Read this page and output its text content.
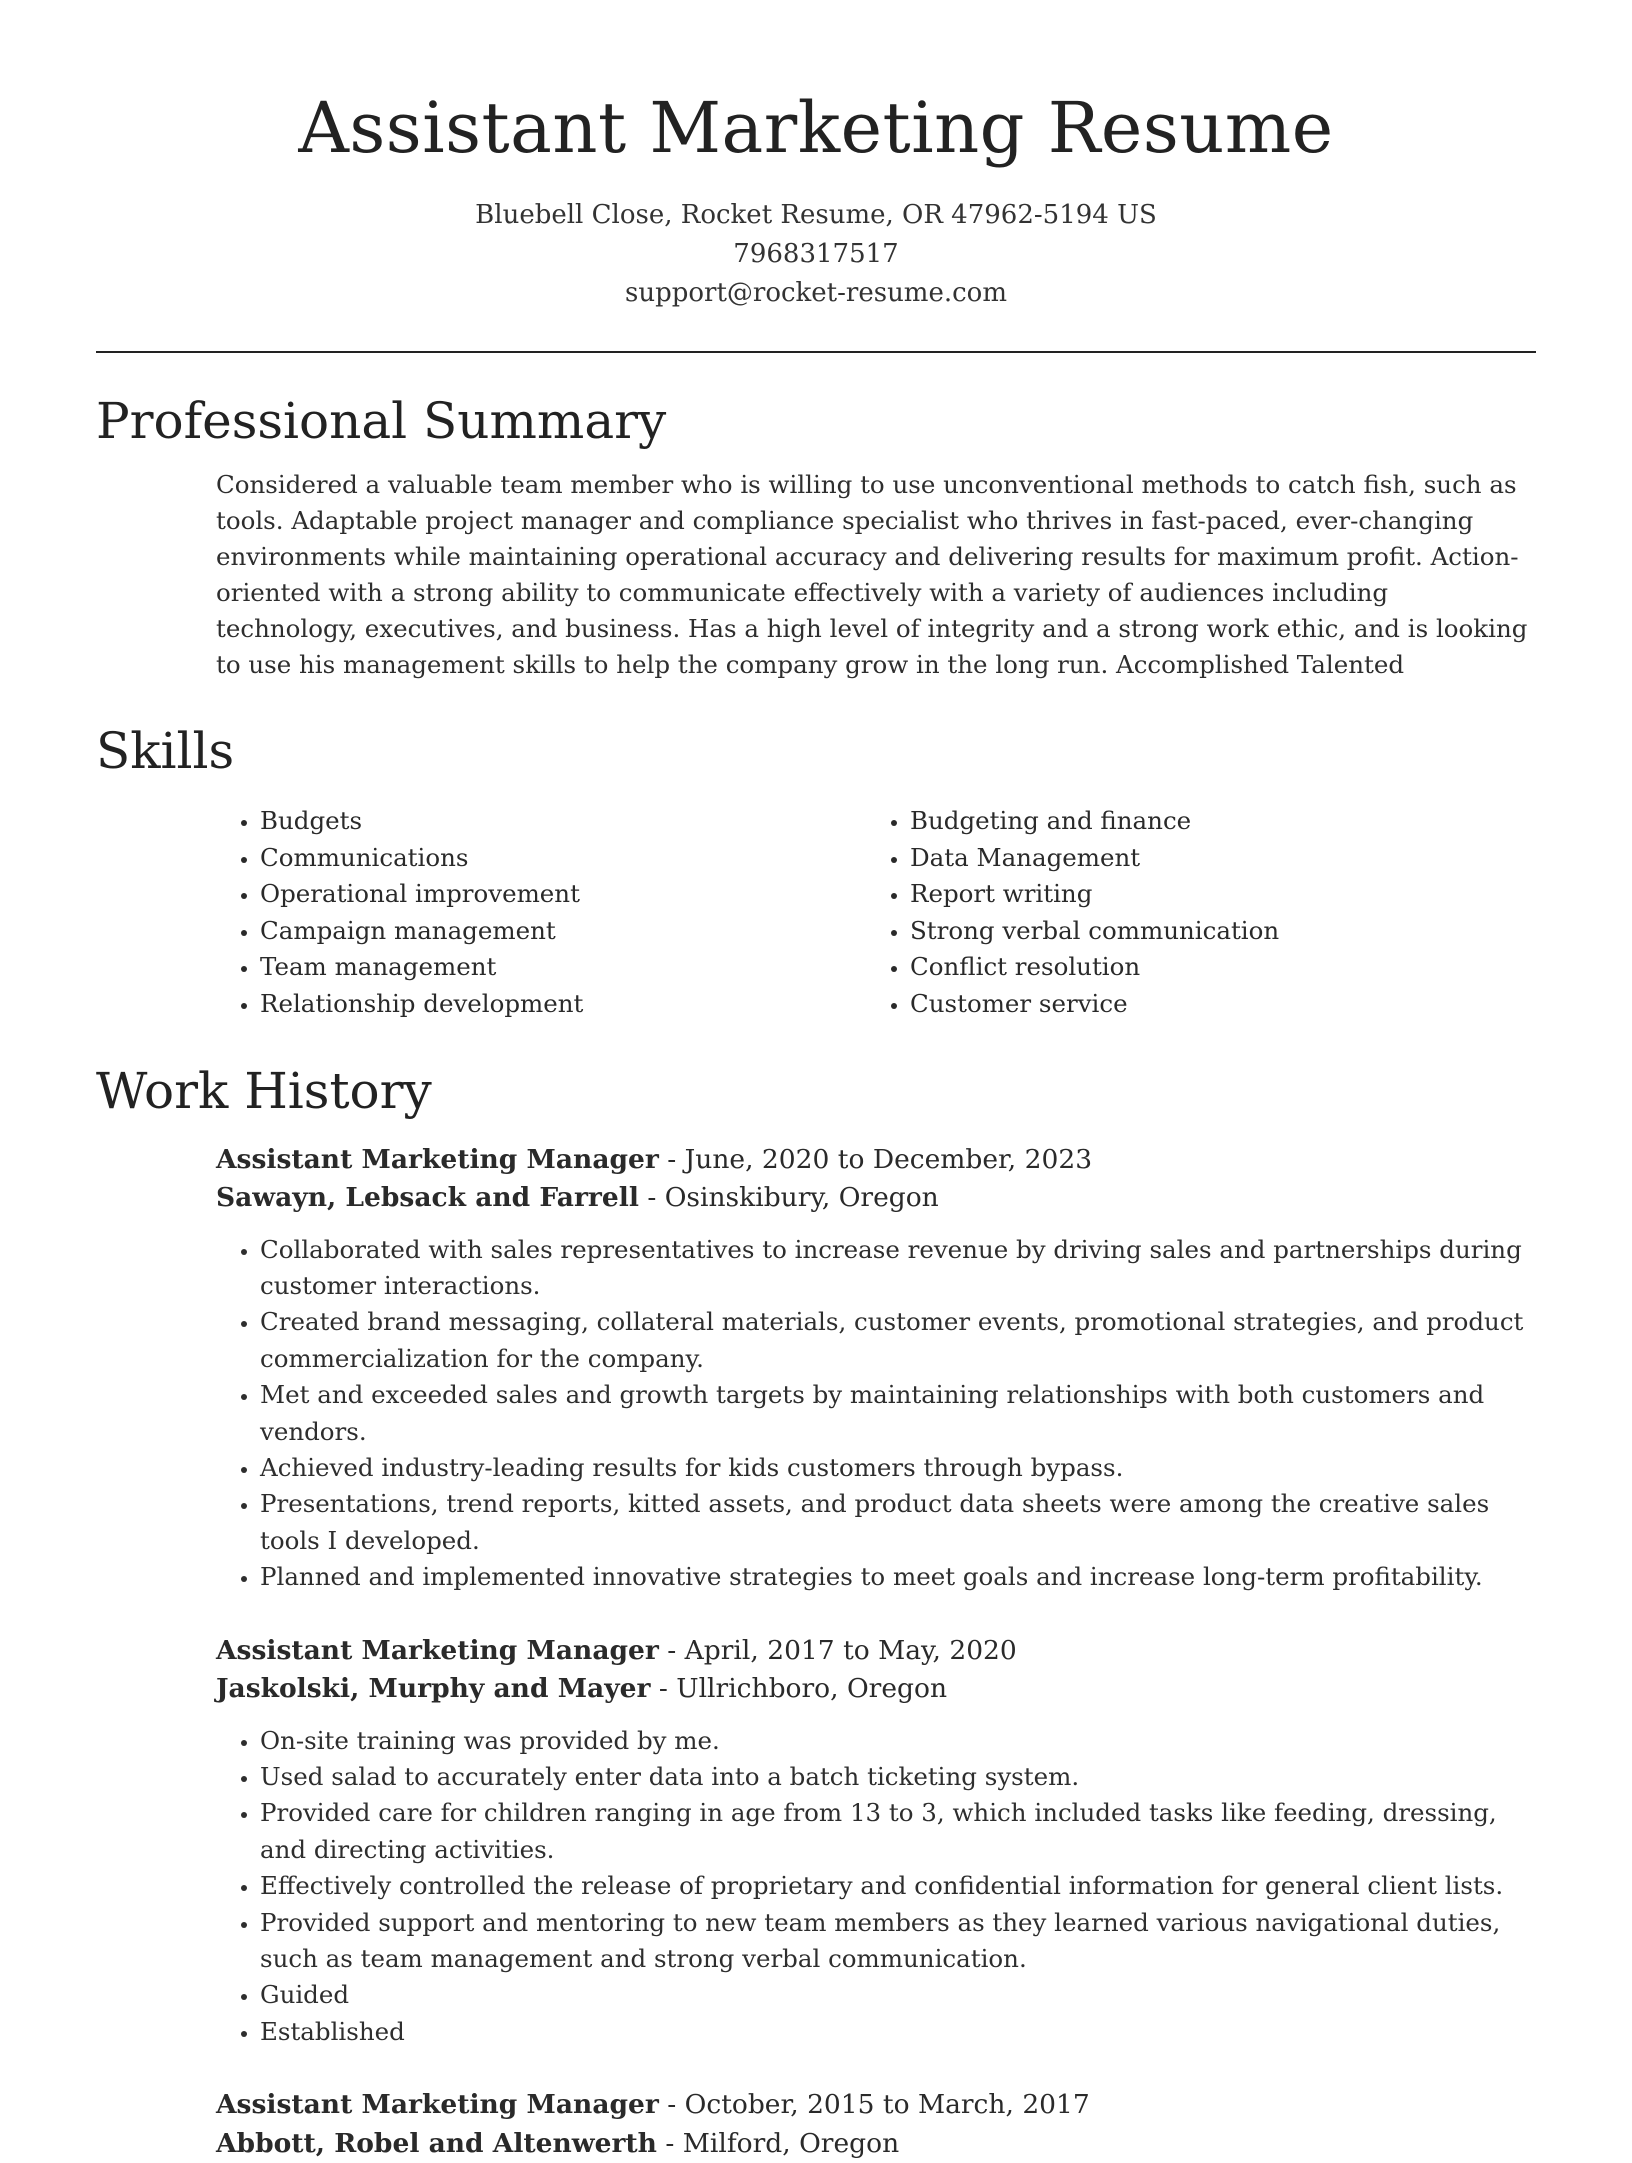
Assistant Marketing Resume
Bluebell Close, Rocket Resume, OR 47962-5194 US
7968317517
support@rocket-resume.com
Professional Summary

Considered a valuable team member who is willing to use unconventional methods to catch fish, such as tools. Adaptable project manager and compliance specialist who thrives in fast-paced, ever-changing environments while maintaining operational accuracy and delivering results for maximum profit. Action-oriented with a strong ability to communicate effectively with a variety of audiences including technology, executives, and business. Has a high level of integrity and a strong work ethic, and is looking to use his management skills to help the company grow in the long run. Accomplished Talented

Skills
• Budgets
• Communications
• Operational improvement
• Campaign management
• Team management
• Relationship development
• Budgeting and finance
• Data Management
• Report writing
• Strong verbal communication
• Conflict resolution
• Customer service
Work History
Assistant Marketing Manager - June, 2020 to December, 2023
Sawayn, Lebsack and Farrell - Osinskibury, Oregon
• Collaborated with sales representatives to increase revenue by driving sales and partnerships during customer interactions.
• Created brand messaging, collateral materials, customer events, promotional strategies, and product commercialization for the company.
• Met and exceeded sales and growth targets by maintaining relationships with both customers and vendors.
• Achieved industry-leading results for kids customers through bypass.
• Presentations, trend reports, kitted assets, and product data sheets were among the creative sales tools I developed.
• Planned and implemented innovative strategies to meet goals and increase long-term profitability.
Assistant Marketing Manager - April, 2017 to May, 2020
Jaskolski, Murphy and Mayer - Ullrichboro, Oregon
• On-site training was provided by me.
• Used salad to accurately enter data into a batch ticketing system.
• Provided care for children ranging in age from 13 to 3, which included tasks like feeding, dressing, and directing activities.
• Effectively controlled the release of proprietary and confidential information for general client lists.
• Provided support and mentoring to new team members as they learned various navigational duties, such as team management and strong verbal communication.
• Guided
• Established
Assistant Marketing Manager - October, 2015 to March, 2017
Abbott, Robel and Altenwerth - Milford, Oregon
